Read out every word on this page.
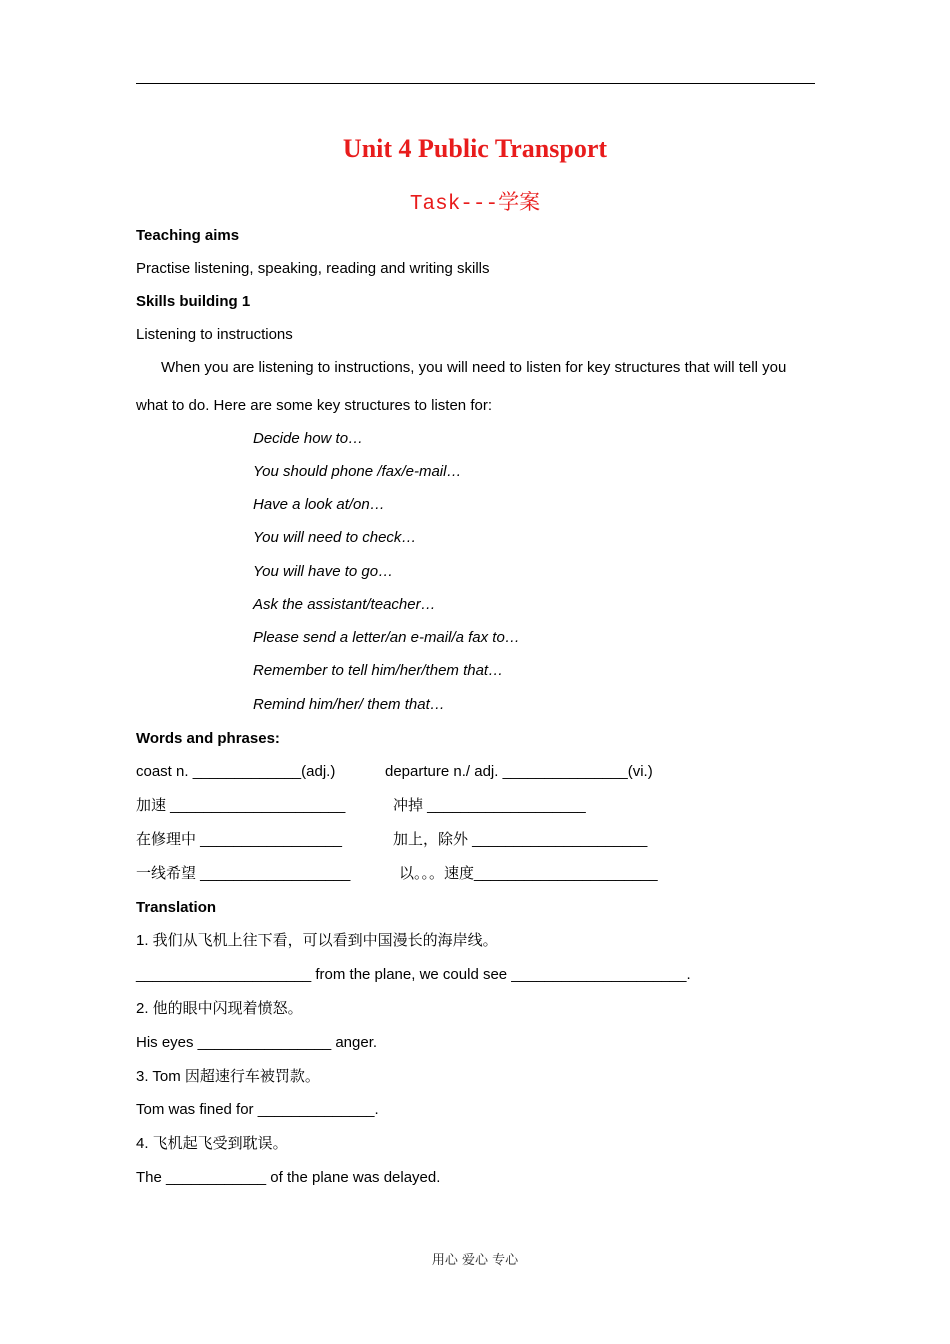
Unit 4 Public Transport
Task---学案
Teaching aims
Practise listening, speaking, reading and writing skills
Skills building 1
Listening to instructions
When you are listening to instructions, you will need to listen for key structures that will tell you
what to do. Here are some key structures to listen for:
Decide how to…
You should phone /fax/e-mail…
Have a look at/on…
You will need to check…
You will have to go…
Ask the assistant/teacher…
Please send a letter/an e-mail/a fax to…
Remember to tell him/her/them that…
Remind him/her/ them that…
Words and phrases:
coast n. _____________(adj.)	departure n./ adj. _______________(vi.)
加速 _____________________	冲掉 ___________________
在修理中 _________________	加上，除外 _____________________
一线希望 __________________	以。。。速度______________________
Translation
1. 我们从飞机上往下看，可以看到中国漫长的海岸线。
_____________________ from the plane, we could see _____________________.
2. 他的眼中闪现着愤怒。
His eyes ________________ anger.
3. Tom 因超速行车被罚款。
Tom was fined for ______________.
4. 飞机起飞受到耽误。
The ____________ of the plane was delayed.
用心 爱心 专心
